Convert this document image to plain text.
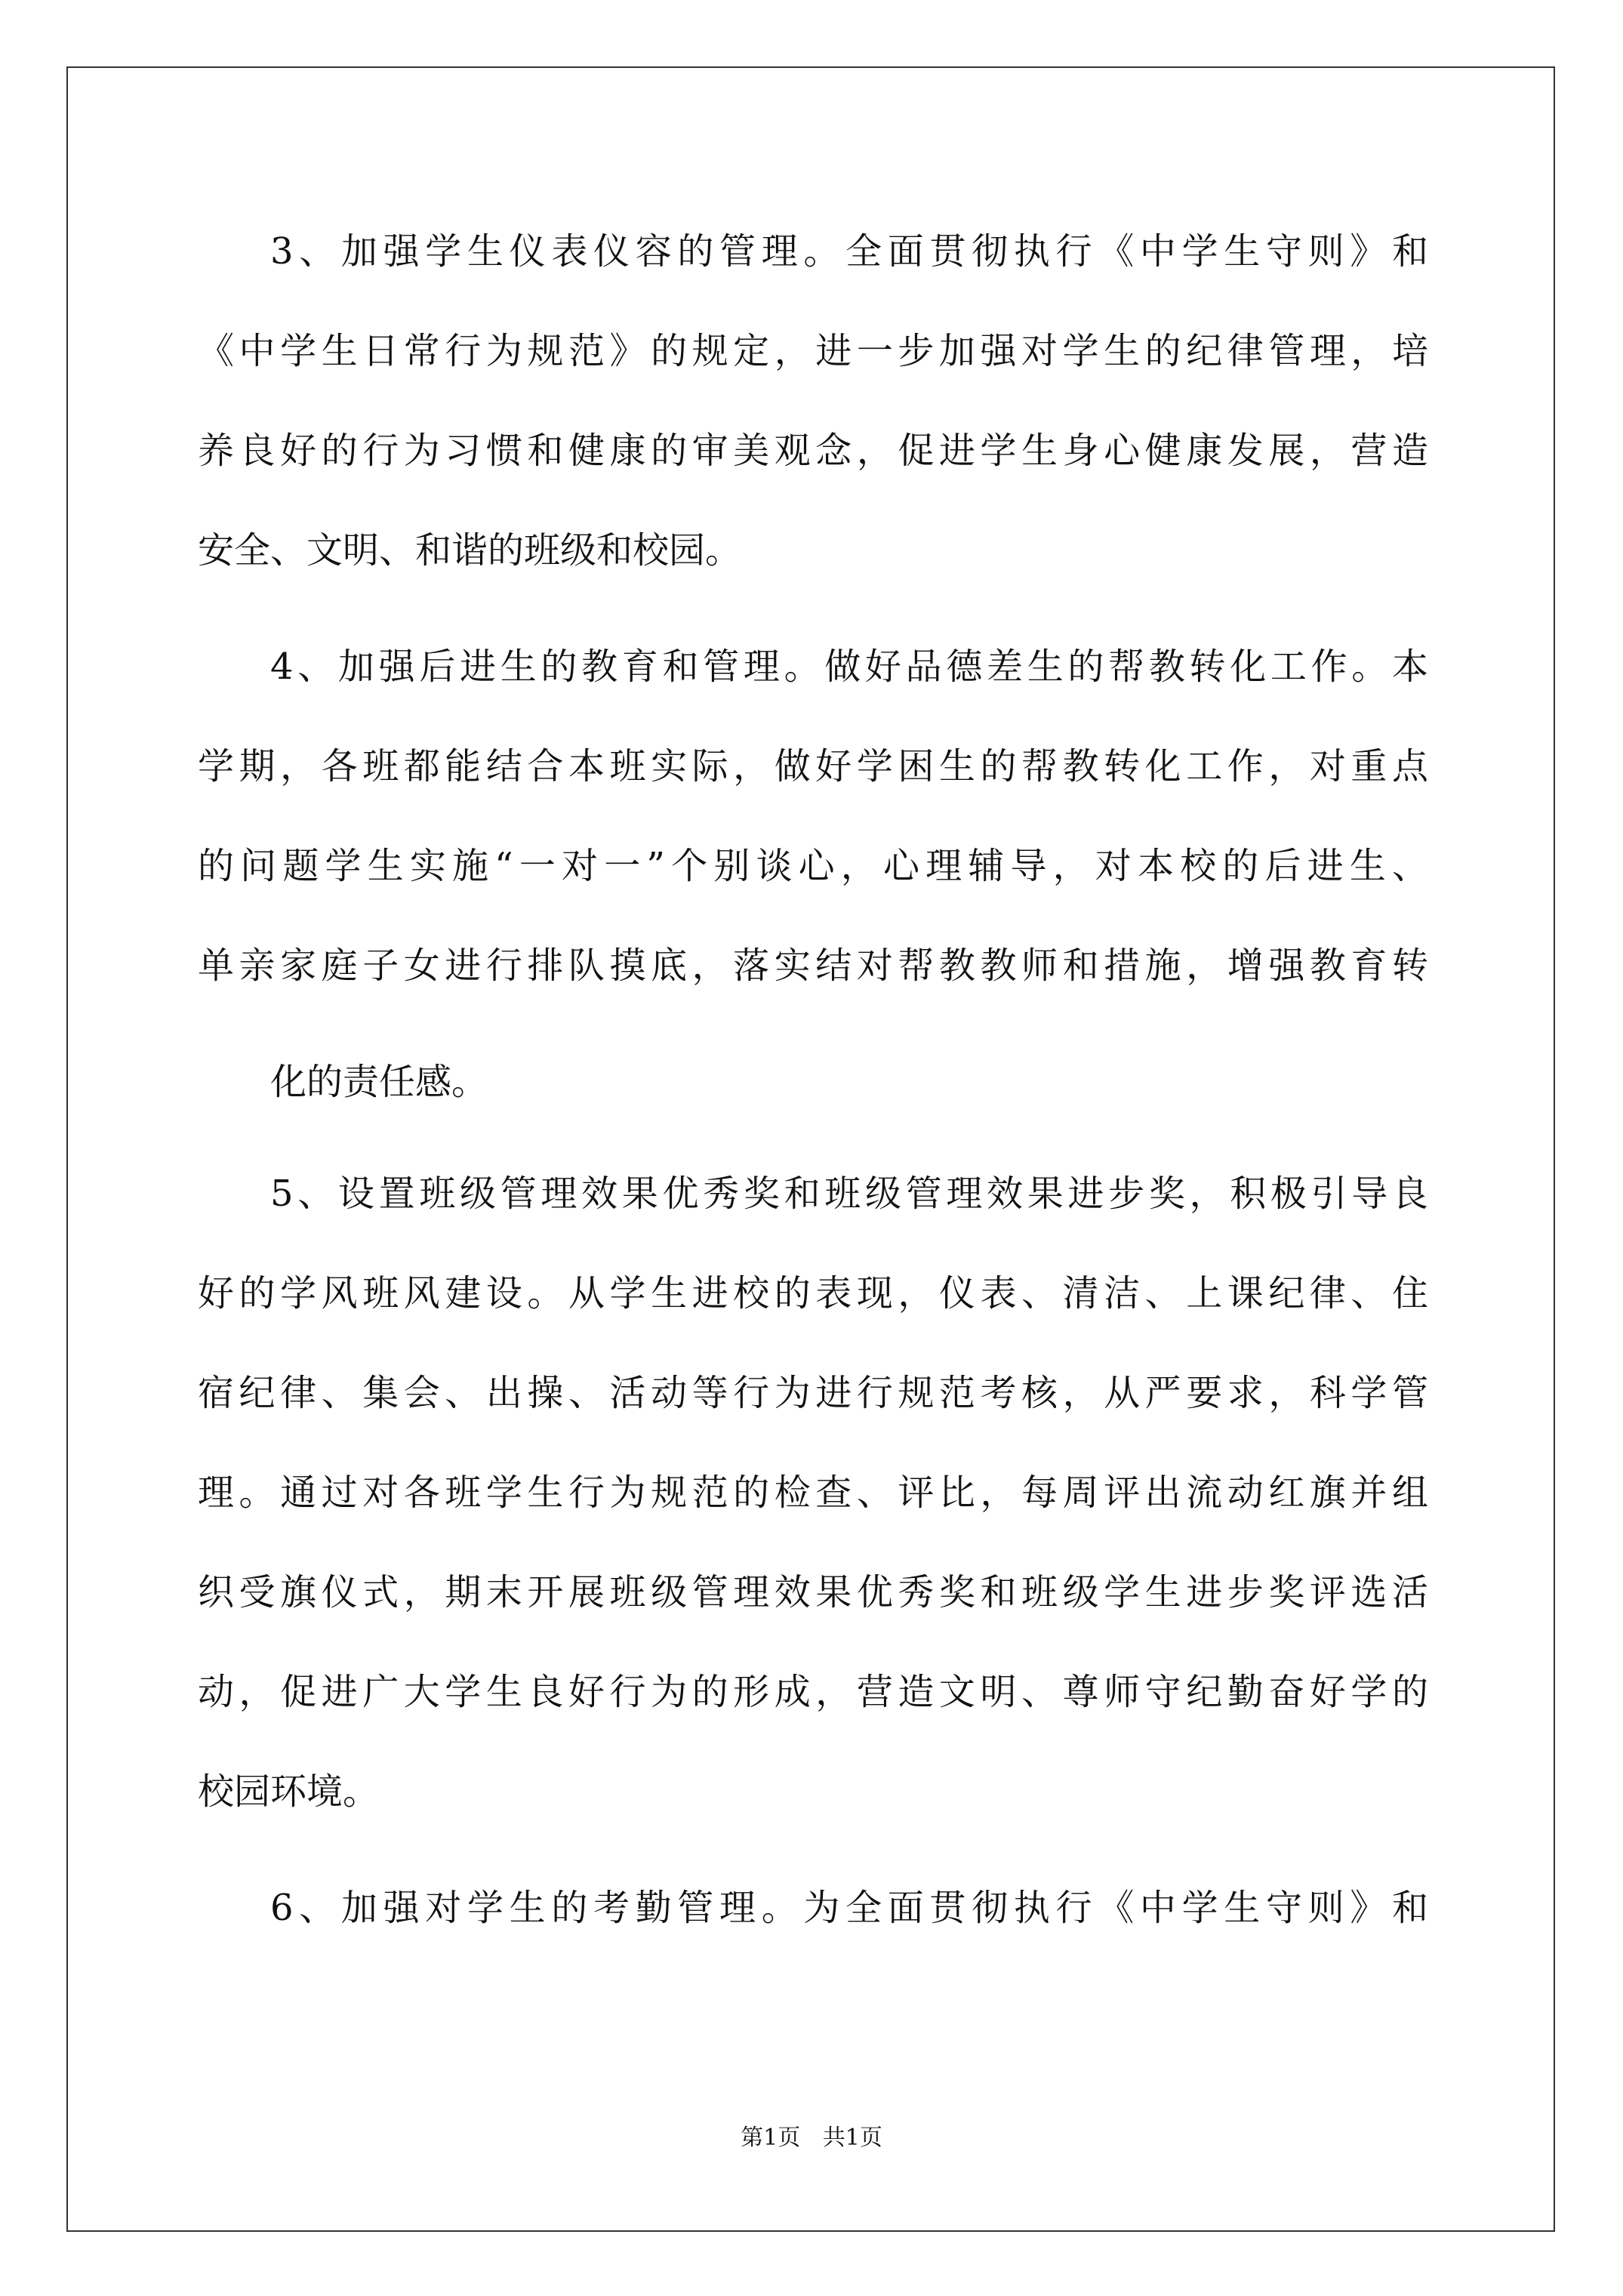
3、加强学生仪表仪容的管理。全面贯彻执行《中学生守则》和
《中学生日常行为规范》的规定，进一步加强对学生的纪律管理，培
养良好的行为习惯和健康的审美观念，促进学生身心健康发展，营造
安全、文明、和谐的班级和校园。
4、加强后进生的教育和管理。做好品德差生的帮教转化工作。本
学期，各班都能结合本班实际，做好学困生的帮教转化工作，对重点
的问题学生实施“一对一”个别谈心，心理辅导，对本校的后进生、
单亲家庭子女进行排队摸底，落实结对帮教教师和措施，增强教育转
化的责任感。
5、设置班级管理效果优秀奖和班级管理效果进步奖，积极引导良
好的学风班风建设。从学生进校的表现，仪表、清洁、上课纪律、住
宿纪律、集会、出操、活动等行为进行规范考核，从严要求，科学管
理。通过对各班学生行为规范的检查、评比，每周评出流动红旗并组
织受旗仪式，期末开展班级管理效果优秀奖和班级学生进步奖评选活
动，促进广大学生良好行为的形成，营造文明、尊师守纪勤奋好学的
校园环境。
6、加强对学生的考勤管理。为全面贯彻执行《中学生守则》和
第1页 共1页
